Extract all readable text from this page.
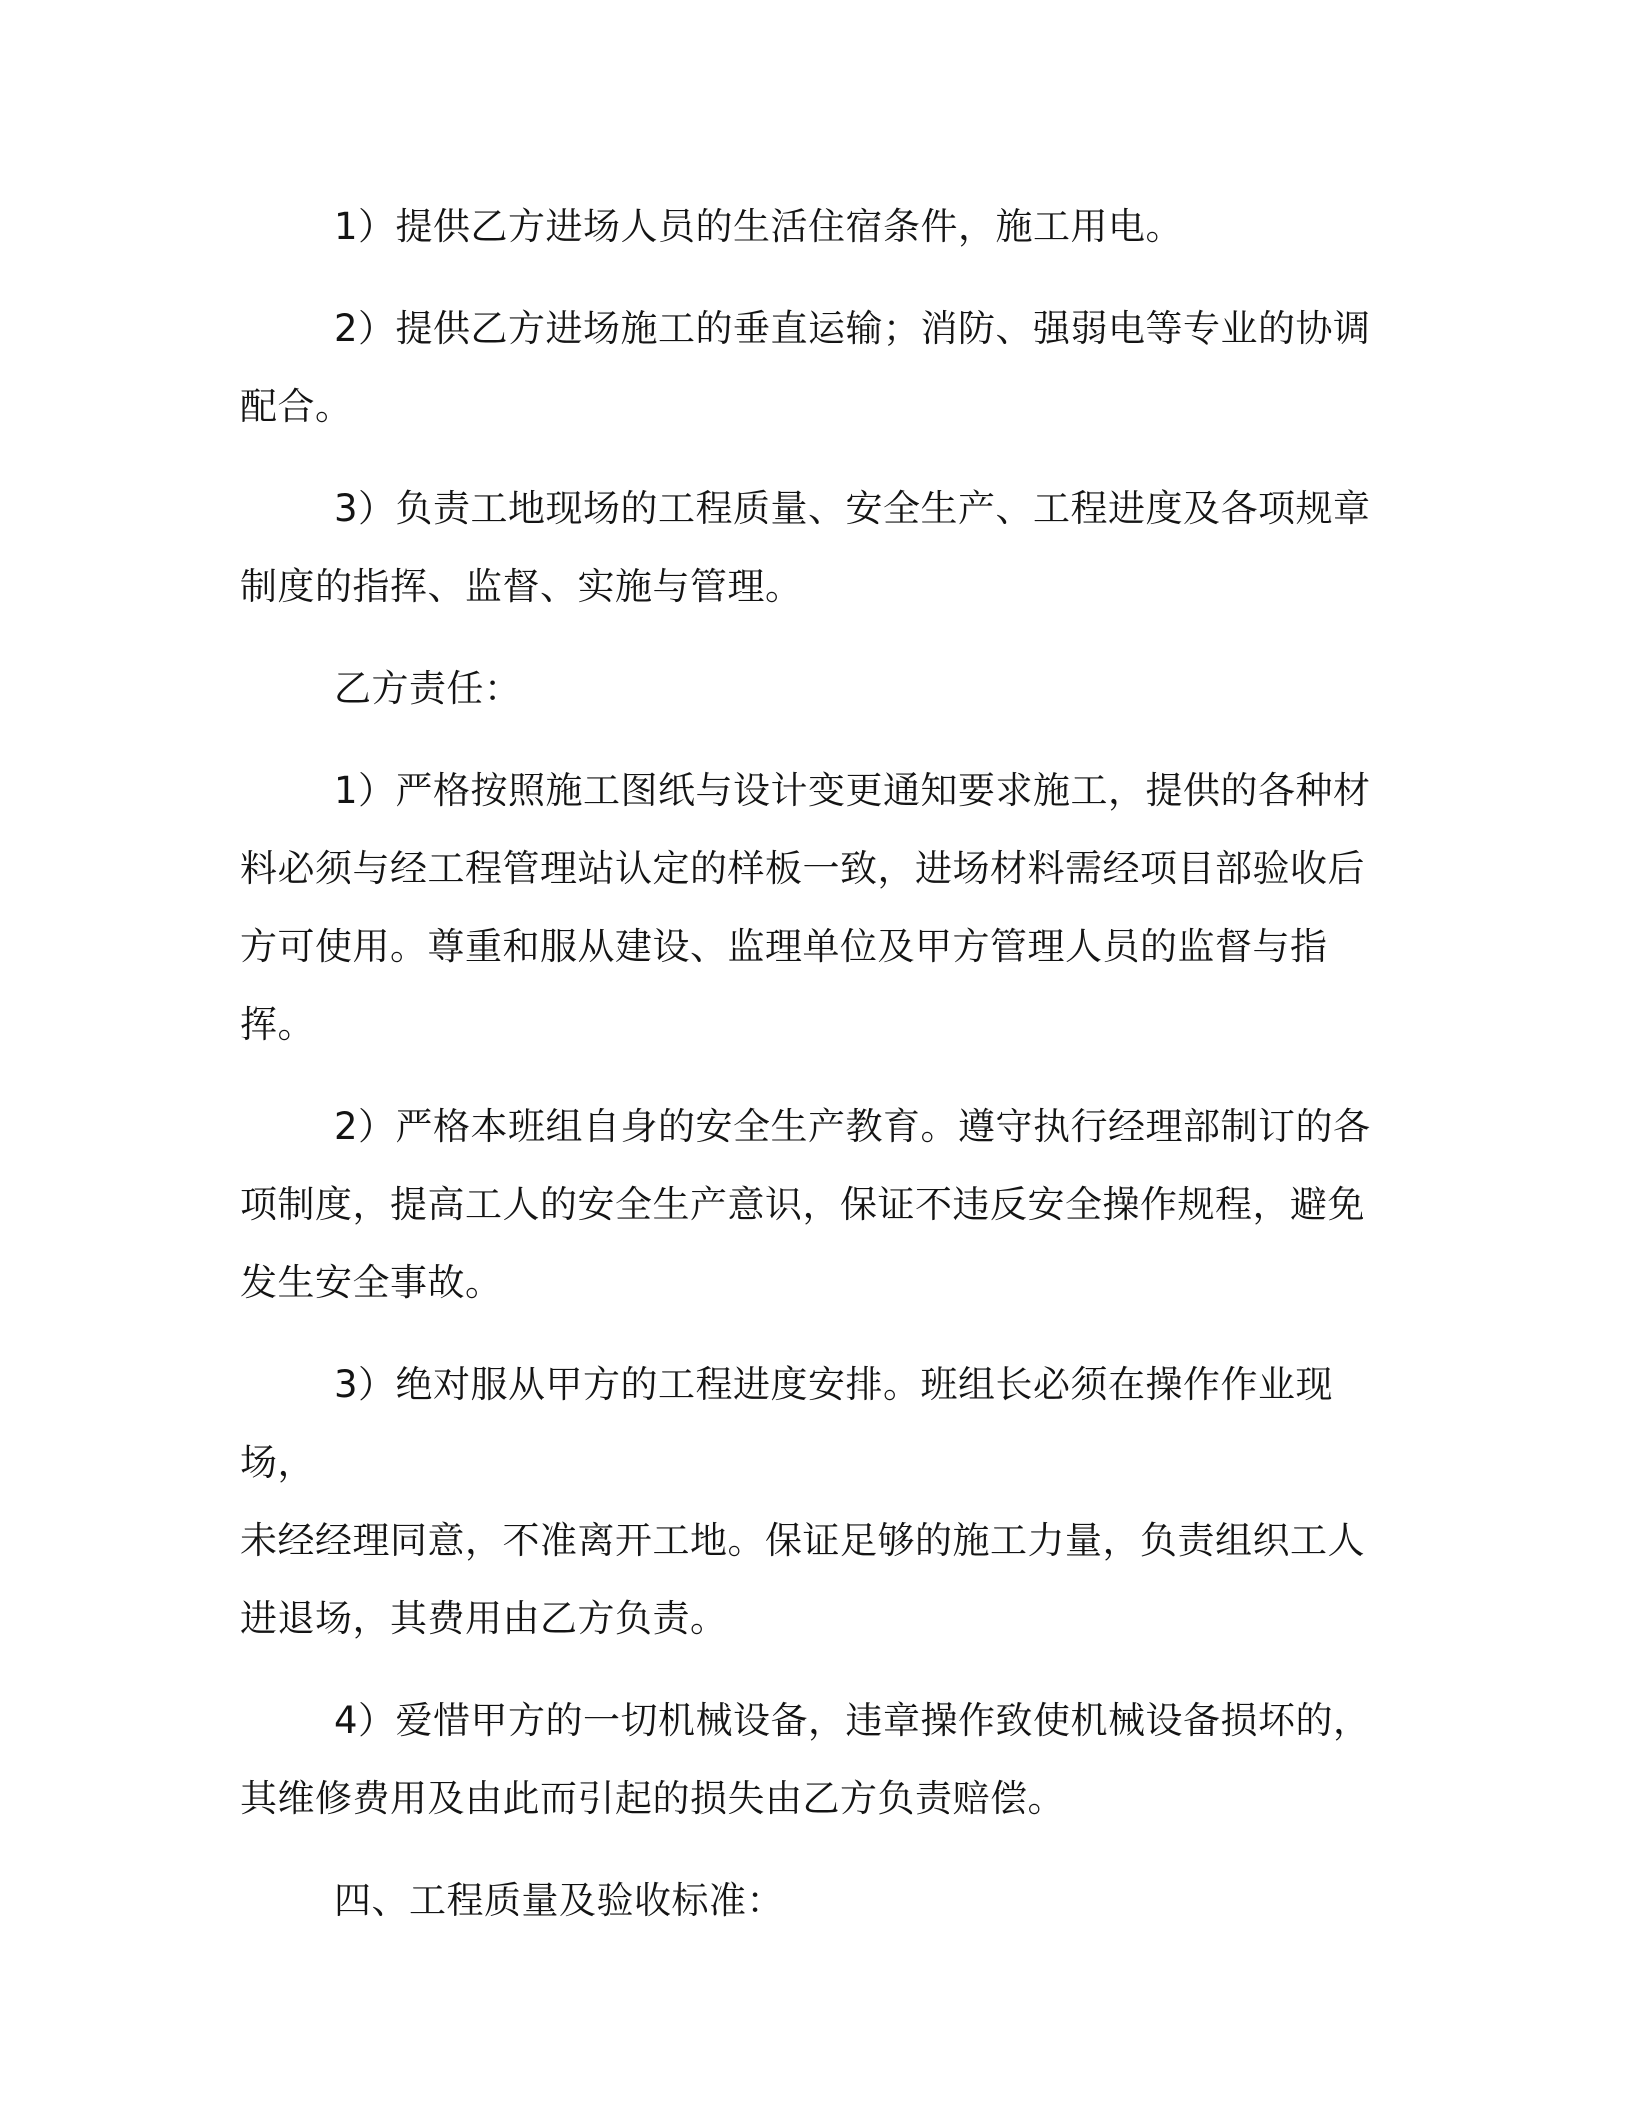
1）提供乙方进场人员的生活住宿条件，施工用电。

2）提供乙方进场施工的垂直运输；消防、强弱电等专业的协调
配合。

3）负责工地现场的工程质量、安全生产、工程进度及各项规章
制度的指挥、监督、实施与管理。

乙方责任：

1）严格按照施工图纸与设计变更通知要求施工，提供的各种材
料必须与经工程管理站认定的样板一致，进场材料需经项目部验收后
方可使用。尊重和服从建设、监理单位及甲方管理人员的监督与指挥。

2）严格本班组自身的安全生产教育。遵守执行经理部制订的各
项制度，提高工人的安全生产意识，保证不违反安全操作规程，避免
发生安全事故。

3）绝对服从甲方的工程进度安排。班组长必须在操作作业现场，
未经经理同意，不准离开工地。保证足够的施工力量，负责组织工人
进退场，其费用由乙方负责。

4）爱惜甲方的一切机械设备，违章操作致使机械设备损坏的，
其维修费用及由此而引起的损失由乙方负责赔偿。

四、工程质量及验收标准：
